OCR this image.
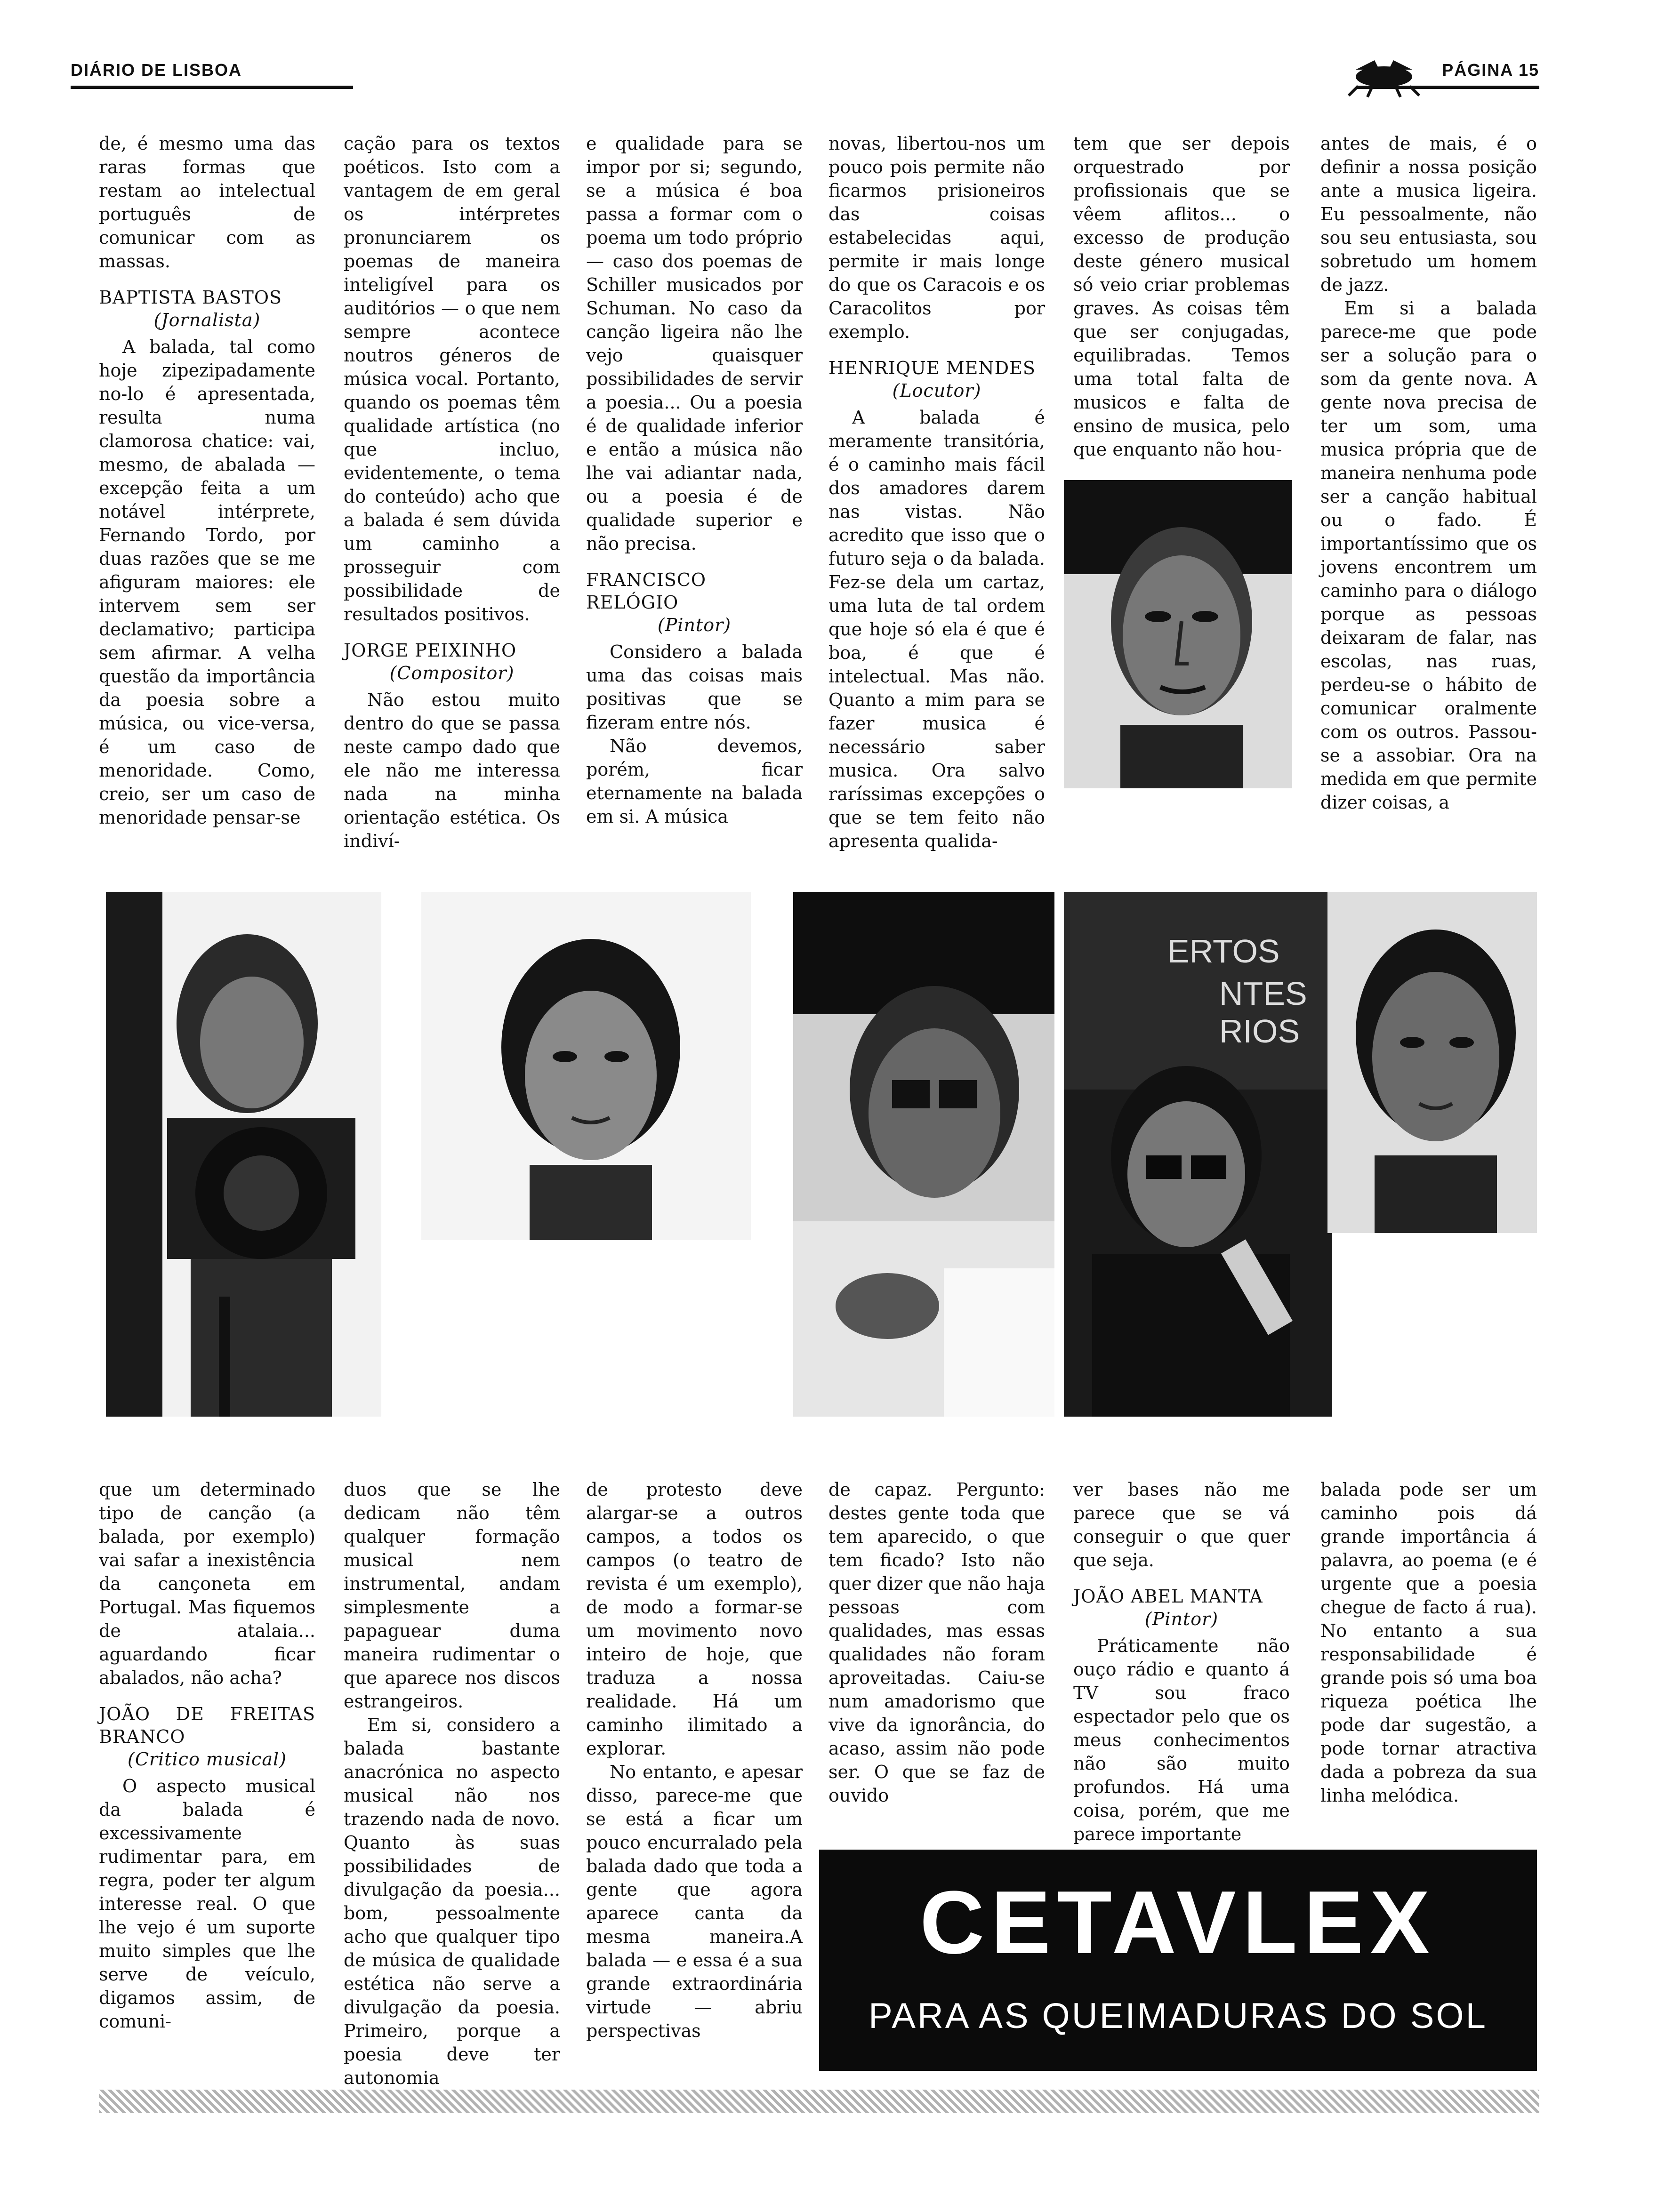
DIÁRIO DE LISBOA	PÁGINA 15

de, é mesmo uma das raras formas que restam ao intelectual português de comunicar com as massas.

BAPTISTA BASTOS
(Jornalista)

A balada, tal como hoje zipezipadamente no-lo é apresentada, resulta numa clamorosa chatice: vai, mesmo, de abalada — excepção feita a um notável intérprete, Fernando Tordo, por duas razões que se me afiguram maiores: ele intervem sem ser declamativo; participa sem afirmar. A velha questão da importância da poesia sobre a música, ou vice-versa, é um caso de menoridade. Como, creio, ser um caso de menoridade pensar-se

cação para os textos poéticos. Isto com a vantagem de em geral os intérpretes pronunciarem os poemas de maneira inteligível para os auditórios — o que nem sempre acontece noutros géneros de música vocal. Portanto, quando os poemas têm qualidade artística (no que incluo, evidentemente, o tema do conteúdo) acho que a balada é sem dúvida um caminho a prosseguir com possibilidade de resultados positivos.

JORGE PEIXINHO
(Compositor)

Não estou muito dentro do que se passa neste campo dado que ele não me interessa nada na minha orientação estética. Os indiví-

e qualidade para se impor por si; segundo, se a música é boa passa a formar com o poema um todo próprio — caso dos poemas de Schiller musicados por Schuman. No caso da canção ligeira não lhe vejo quaisquer possibilidades de servir a poesia... Ou a poesia é de qualidade inferior e então a música não lhe vai adiantar nada, ou a poesia é de qualidade superior e não precisa.

FRANCISCO RELÓGIO
(Pintor)

Considero a balada uma das coisas mais positivas que se fizeram entre nós.

Não devemos, porém, ficar eternamente na balada em si. A música

novas, libertou-nos um pouco pois permite não ficarmos prisioneiros das coisas estabelecidas aqui, permite ir mais longe do que os Caracois e os Caracolitos por exemplo.

HENRIQUE MENDES
(Locutor)

A balada é meramente transitória, é o caminho mais fácil dos amadores darem nas vistas. Não acredito que isso que o futuro seja o da balada. Fez-se dela um cartaz, uma luta de tal ordem que hoje só ela é que é boa, é que é intelectual. Mas não. Quanto a mim para se fazer musica é necessário saber musica. Ora salvo raríssimas excepções o que se tem feito não apresenta qualida-

tem que ser depois orquestrado por profissionais que se vêem aflitos... o excesso de produção deste género musical só veio criar problemas graves. As coisas têm que ser conjugadas, equilibradas. Temos uma total falta de musicos e falta de ensino de musica, pelo que enquanto não hou-

antes de mais, é o definir a nossa posição ante a musica ligeira. Eu pessoalmente, não sou seu entusiasta, sou sobretudo um homem de jazz.

Em si a balada parece-me que pode ser a solução para o som da gente nova. A gente nova precisa de ter um som, uma musica própria que de maneira nenhuma pode ser a canção habitual ou o fado. É importantíssimo que os jovens encontrem um caminho para o diálogo porque as pessoas deixaram de falar, nas escolas, nas ruas, perdeu-se o hábito de comunicar oralmente com os outros. Passou-se a assobiar. Ora na medida em que permite dizer coisas, a

ERTOS
NTES
RIOS

que um determinado tipo de canção (a balada, por exemplo) vai safar a inexistência da cançoneta em Portugal. Mas fiquemos de atalaia... aguardando ficar abalados, não acha?

JOÃO DE FREITAS BRANCO
(Critico musical)

O aspecto musical da balada é excessivamente rudimentar para, em regra, poder ter algum interesse real. O que lhe vejo é um suporte muito simples que lhe serve de veículo, digamos assim, de comuni-

duos que se lhe dedicam não têm qualquer formação musical nem instrumental, andam simplesmente a papaguear duma maneira rudimentar o que aparece nos discos estrangeiros.

Em si, considero a balada bastante anacrónica no aspecto musical não nos trazendo nada de novo. Quanto às suas possibilidades de divulgação da poesia... bom, pessoalmente acho que qualquer tipo de música de qualidade estética não serve a divulgação da poesia. Primeiro, porque a poesia deve ter autonomia

de protesto deve alargar-se a outros campos, a todos os campos (o teatro de revista é um exemplo), de modo a formar-se um movimento novo inteiro de hoje, que traduza a nossa realidade. Há um caminho ilimitado a explorar.

No entanto, e apesar disso, parece-me que se está a ficar um pouco encurralado pela balada dado que toda a gente que agora aparece canta da mesma maneira.A balada — e essa é a sua grande extraordinária virtude — abriu perspectivas

de capaz. Pergunto: destes gente toda que tem aparecido, o que tem ficado? Isto não quer dizer que não haja pessoas com qualidades, mas essas qualidades não foram aproveitadas. Caiu-se num amadorismo que vive da ignorância, do acaso, assim não pode ser. O que se faz de ouvido

ver bases não me parece que se vá conseguir o que quer que seja.

JOÃO ABEL MANTA
(Pintor)

Práticamente não ouço rádio e quanto á TV sou fraco espectador pelo que os meus conhecimentos não são muito profundos. Há uma coisa, porém, que me parece importante

balada pode ser um caminho pois dá grande importância á palavra, ao poema (e é urgente que a poesia chegue de facto á rua). No entanto a sua responsabilidade é grande pois só uma boa riqueza poética lhe pode dar sugestão, a pode tornar atractiva dada a pobreza da sua linha melódica.

CETAVLEX
PARA AS QUEIMADURAS DO SOL
